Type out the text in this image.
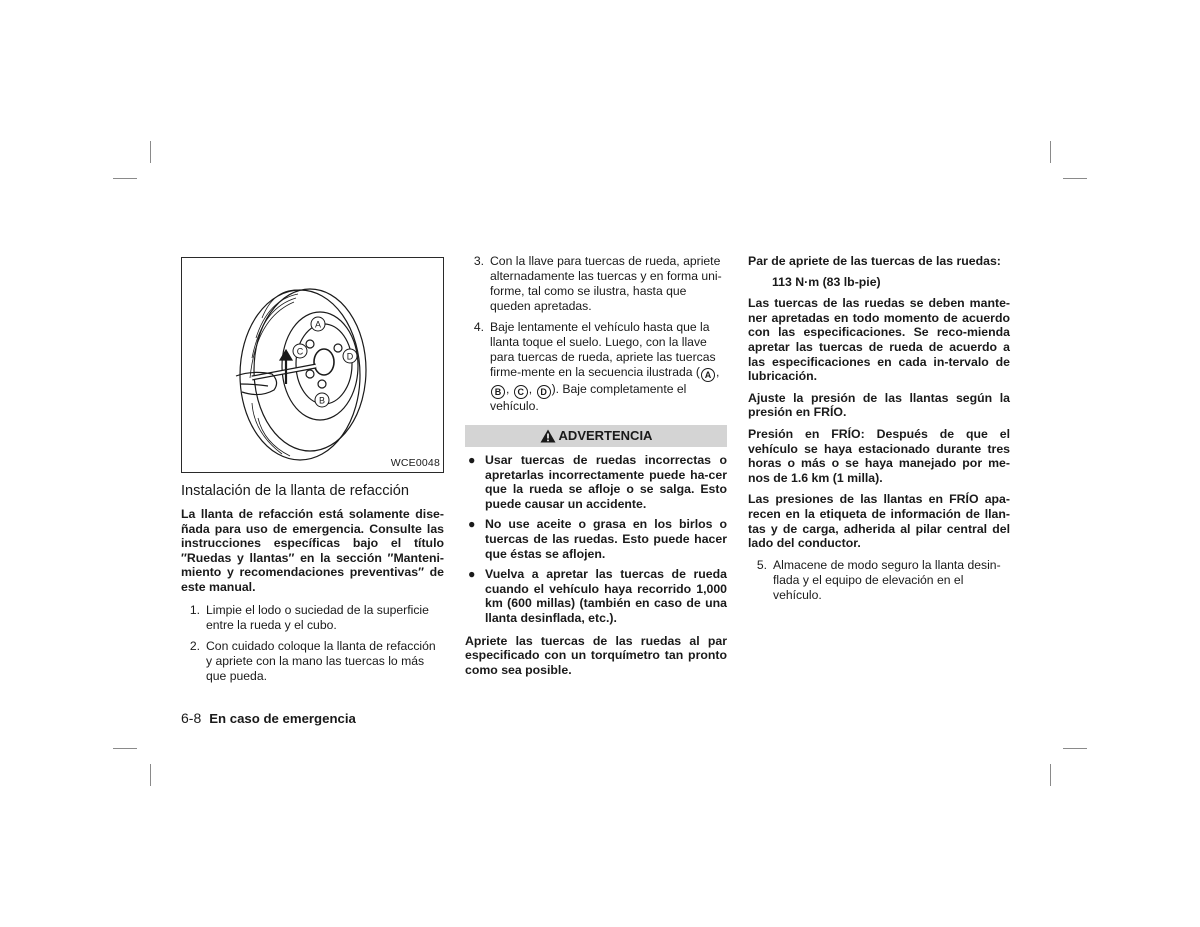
A
C	D
B
WCE0048
Instalación de la llanta de refacción

La llanta de refacción está solamente dise-ñada para uso de emergencia. Consulte las instrucciones específicas bajo el título ″Ruedas y llantas″ en la sección ″Manteni-miento y recomendaciones preventivas″ de este manual.

1. Limpie el lodo o suciedad de la superficie entre la rueda y el cubo.
2. Con cuidado coloque la llanta de refacción y apriete con la mano las tuercas lo más que pueda.
3. Con la llave para tuercas de rueda, apriete alternadamente las tuercas y en forma uni-forme, tal como se ilustra, hasta que queden apretadas.
4. Baje lentamente el vehículo hasta que la llanta toque el suelo. Luego, con la llave para tuercas de rueda, apriete las tuercas firme-mente en la secuencia ilustrada ( A , B , C , D ). Baje completamente el vehículo.
ADVERTENCIA
● Usar tuercas de ruedas incorrectas o apretarlas incorrectamente puede ha-cer que la rueda se afloje o se salga. Esto puede causar un accidente.
● No use aceite o grasa en los birlos o tuercas de las ruedas. Esto puede hacer que éstas se aflojen.
● Vuelva a apretar las tuercas de rueda cuando el vehículo haya recorrido 1,000 km (600 millas) (también en caso de una llanta desinflada, etc.).

Apriete las tuercas de las ruedas al par especificado con un torquímetro tan pronto como sea posible.

Par de apriete de las tuercas de las ruedas:

113 N·m (83 lb-pie)

Las tuercas de las ruedas se deben mante-ner apretadas en todo momento de acuerdo con las especificaciones. Se reco-mienda apretar las tuercas de rueda de acuerdo a las especificaciones en cada in-tervalo de lubricación.

Ajuste la presión de las llantas según la presión en FRÍO.

Presión en FRÍO: Después de que el vehículo se haya estacionado durante tres horas o más o se haya manejado por me-nos de 1.6 km (1 milla).

Las presiones de las llantas en FRÍO apa-recen en la etiqueta de información de llan-tas y de carga, adherida al pilar central del lado del conductor.

5. Almacene de modo seguro la llanta desin-flada y el equipo de elevación en el vehículo.
6-8 En caso de emergencia
